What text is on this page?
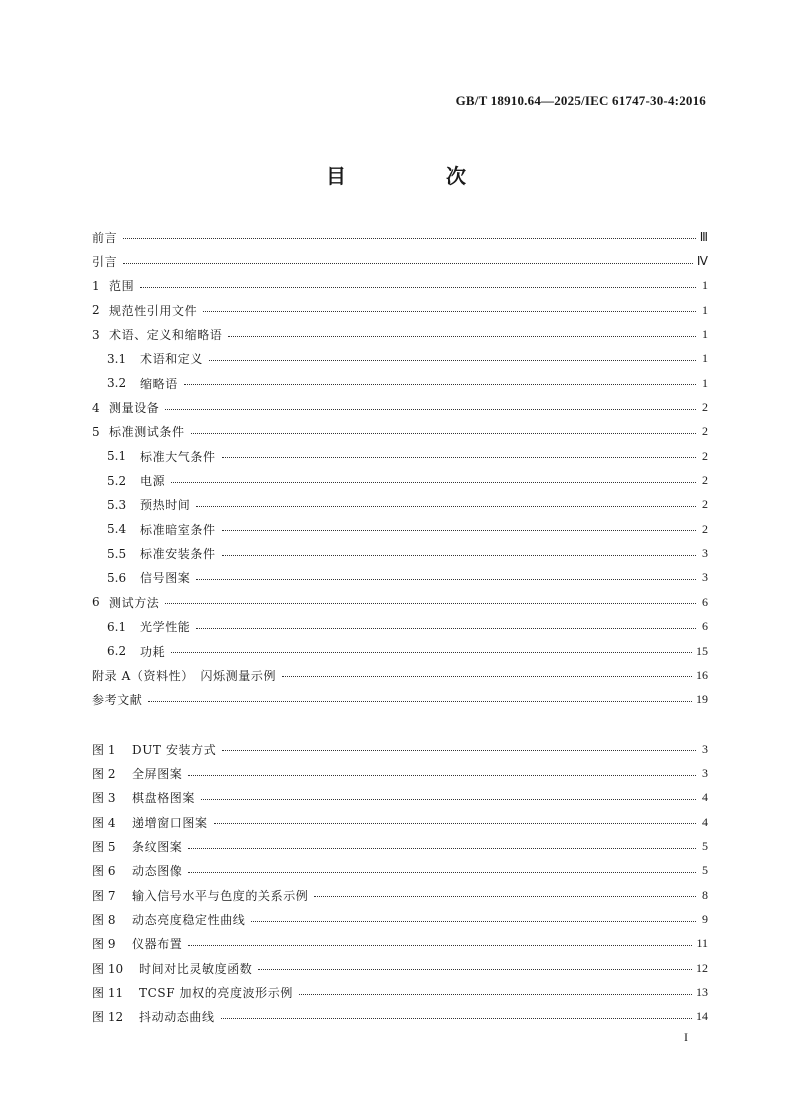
GB/T 18910.64—2025/IEC 61747-30-4:2016
目　次
前言	Ⅲ
引言	Ⅳ
1 范围	1
2 规范性引用文件	1
3 术语、定义和缩略语	1
3.1	术语和定义	1
3.2	缩略语	1
4 测量设备	2
5 标准测试条件	2
5.1	标准大气条件	2
5.2	电源	2
5.3	预热时间	2
5.4	标准暗室条件	2
5.5	标准安装条件	3
5.6	信号图案	3
6 测试方法	6
6.1	光学性能	6
6.2	功耗	15
附录 A（资料性）　闪烁测量示例	16
参考文献	19
图 1	DUT 安装方式	3
图 2	全屏图案	3
图 3	棋盘格图案	4
图 4	递增窗口图案	4
图 5	条纹图案	5
图 6	动态图像	5
图 7	输入信号水平与色度的关系示例	8
图 8	动态亮度稳定性曲线	9
图 9	仪器布置	11
图 10	时间对比灵敏度函数	12
图 11	TCSF 加权的亮度波形示例	13
图 12	抖动动态曲线	14
I
